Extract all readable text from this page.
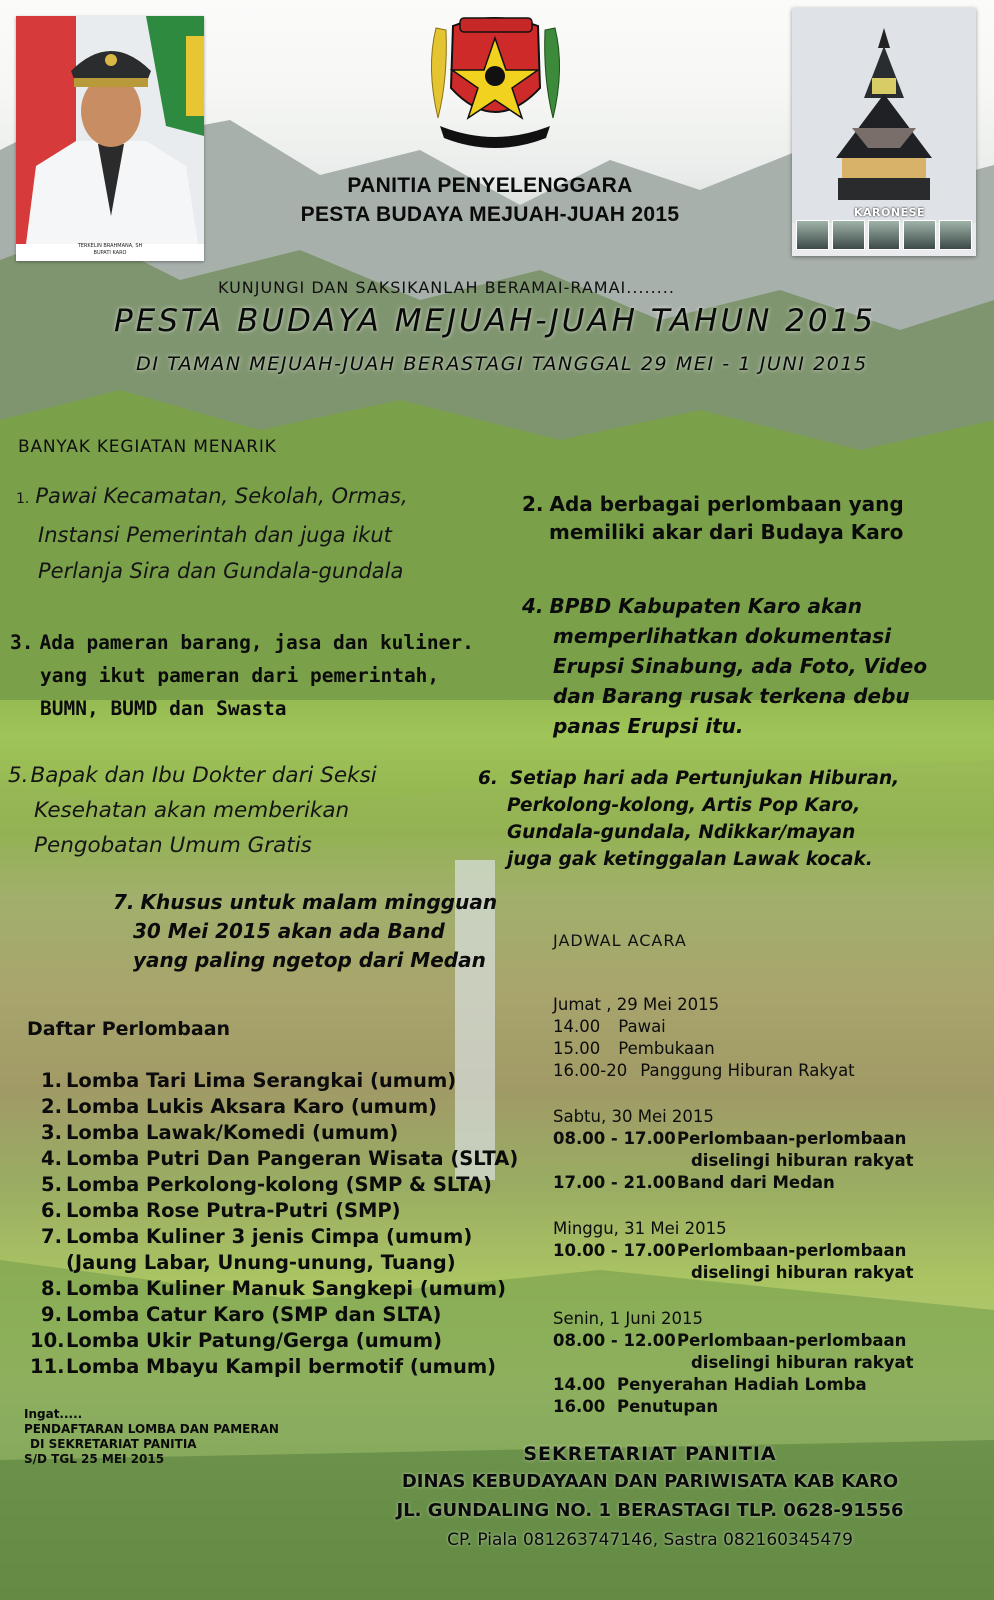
TERKELIN BRAHMANA, SH
BUPATI KARO
KARONESE
PANITIA PENYELENGGARA
PESTA BUDAYA MEJUAH-JUAH 2015
KUNJUNGI DAN SAKSIKANLAH BERAMAI-RAMAI........
PESTA BUDAYA MEJUAH-JUAH TAHUN 2015
DI TAMAN MEJUAH-JUAH BERASTAGI TANGGAL 29 MEI - 1 JUNI 2015
BANYAK KEGIATAN MENARIK
1. Pawai Kecamatan, Sekolah, Ormas,
Instansi Pemerintah dan juga ikut
Perlanja Sira dan Gundala-gundala
2. Ada berbagai perlombaan yang
memiliki akar dari Budaya Karo
3. Ada pameran barang, jasa dan kuliner.
yang ikut pameran dari pemerintah,
BUMN, BUMD dan Swasta
4. BPBD Kabupaten Karo akan
memperlihatkan dokumentasi
Erupsi Sinabung, ada Foto, Video
dan Barang rusak terkena debu
panas Erupsi itu.
5.Bapak dan Ibu Dokter dari Seksi
Kesehatan akan memberikan
Pengobatan Umum Gratis
6. Setiap hari ada Pertunjukan Hiburan,
Perkolong-kolong, Artis Pop Karo,
Gundala-gundala, Ndikkar/mayan
juga gak ketinggalan Lawak kocak.
7. Khusus untuk malam mingguan
30 Mei 2015 akan ada Band
yang paling ngetop dari Medan
Daftar Perlombaan
1. Lomba Tari Lima Serangkai (umum)
2. Lomba Lukis Aksara Karo (umum)
3. Lomba Lawak/Komedi (umum)
4. Lomba Putri Dan Pangeran Wisata (SLTA)
5. Lomba Perkolong-kolong (SMP & SLTA)
6. Lomba Rose Putra-Putri (SMP)
7. Lomba Kuliner 3 jenis Cimpa (umum)
(Jaung Labar, Unung-unung, Tuang)
8. Lomba Kuliner Manuk Sangkepi (umum)
9. Lomba Catur Karo (SMP dan SLTA)
10.Lomba Ukir Patung/Gerga (umum)
11.Lomba Mbayu Kampil bermotif (umum)
JADWAL ACARA
Jumat , 29 Mei 2015
14.00 Pawai
15.00 Pembukaan
16.00-20 Panggung Hiburan Rakyat
Sabtu, 30 Mei 2015
08.00 - 17.00Perlombaan-perlombaan
diselingi hiburan rakyat
17.00 - 21.00Band dari Medan
Minggu, 31 Mei 2015
10.00 - 17.00Perlombaan-perlombaan
diselingi hiburan rakyat
Senin, 1 Juni 2015
08.00 - 12.00Perlombaan-perlombaan
diselingi hiburan rakyat
14.00 Penyerahan Hadiah Lomba
16.00 Penutupan
Ingat.....
PENDAFTARAN LOMBA DAN PAMERAN
DI SEKRETARIAT PANITIA
S/D TGL 25 MEI 2015	SEKRETARIAT PANITIA
DINAS KEBUDAYAAN DAN PARIWISATA KAB KARO
JL. GUNDALING NO. 1 BERASTAGI TLP. 0628-91556
CP. Piala 081263747146, Sastra 082160345479
